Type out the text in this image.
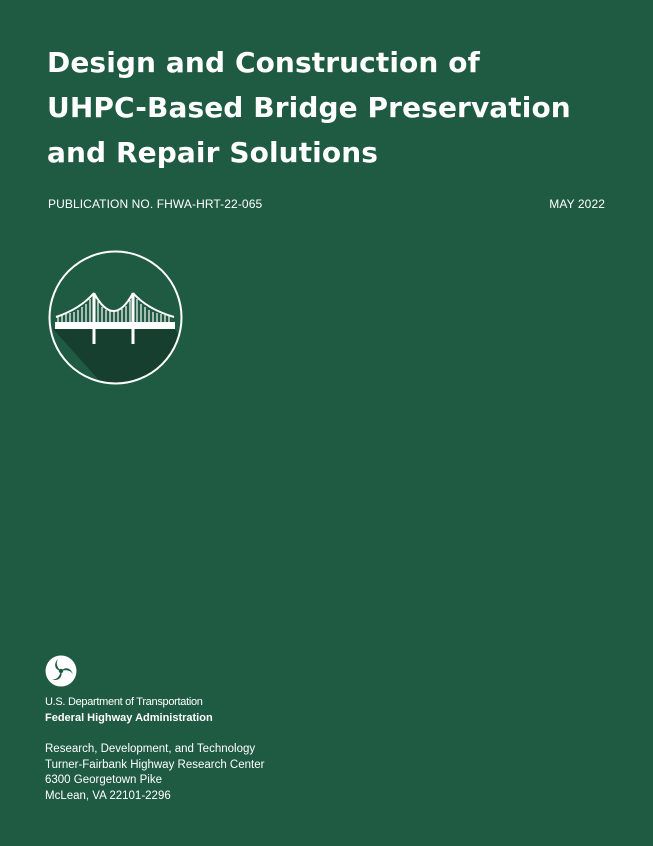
Design and Construction of
UHPC-Based Bridge Preservation
and Repair Solutions
PUBLICATION NO. FHWA-HRT-22-065	MAY 2022
U.S. Department of Transportation
Federal Highway Administration
Research, Development, and Technology
Turner-Fairbank Highway Research Center
6300 Georgetown Pike
McLean, VA 22101-2296
